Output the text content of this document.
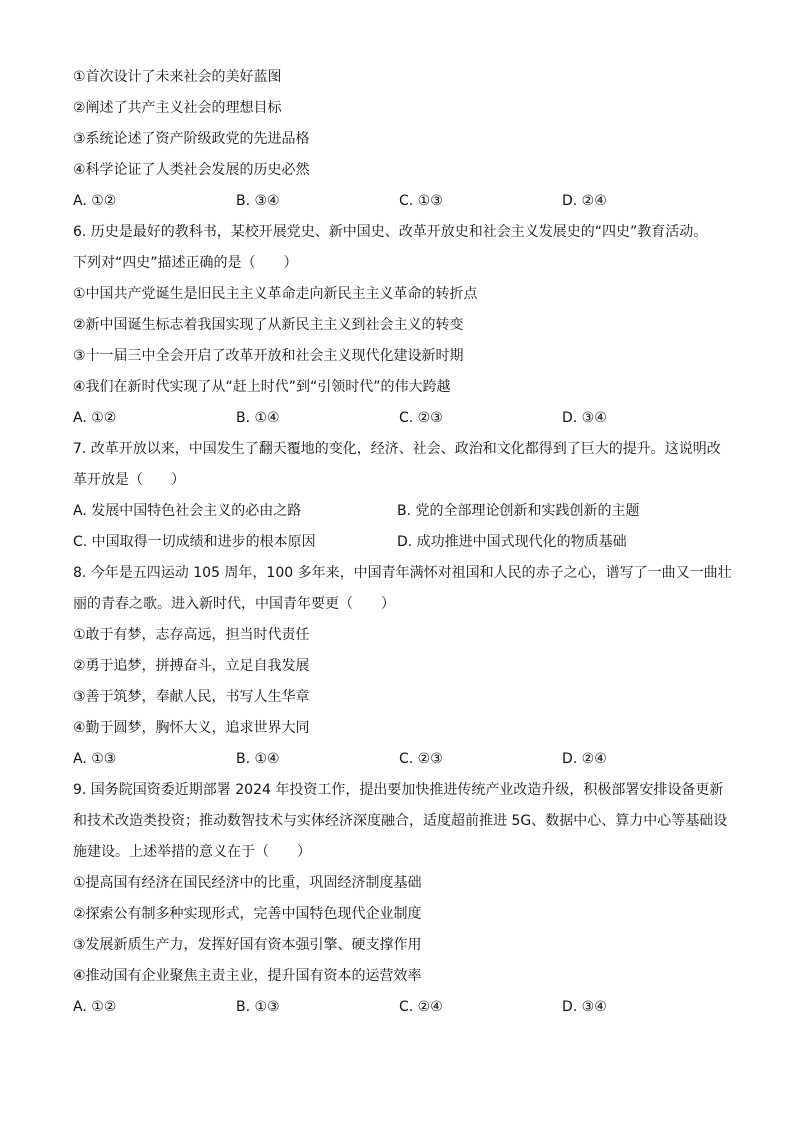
①首次设计了未来社会的美好蓝图
②阐述了共产主义社会的理想目标
③系统论述了资产阶级政党的先进品格
④科学论证了人类社会发展的历史必然
A. ①②	B. ③④	C. ①③	D. ②④
6. 历史是最好的教科书，某校开展党史、新中国史、改革开放史和社会主义发展史的“四史”教育活动。
下列对“四史”描述正确的是（　　）
①中国共产党诞生是旧民主主义革命走向新民主主义革命的转折点
②新中国诞生标志着我国实现了从新民主主义到社会主义的转变
③十一届三中全会开启了改革开放和社会主义现代化建设新时期
④我们在新时代实现了从“赶上时代”到“引领时代”的伟大跨越
A. ①②	B. ①④	C. ②③	D. ③④
7. 改革开放以来，中国发生了翻天覆地的变化，经济、社会、政治和文化都得到了巨大的提升。这说明改
革开放是（　　）
A. 发展中国特色社会主义的必由之路	B. 党的全部理论创新和实践创新的主题
C. 中国取得一切成绩和进步的根本原因	D. 成功推进中国式现代化的物质基础
8. 今年是五四运动 105 周年，100 多年来，中国青年满怀对祖国和人民的赤子之心，谱写了一曲又一曲壮
丽的青春之歌。进入新时代，中国青年要更（　　）
①敢于有梦，志存高远，担当时代责任
②勇于追梦，拼搏奋斗，立足自我发展
③善于筑梦，奉献人民，书写人生华章
④勤于圆梦，胸怀大义，追求世界大同
A. ①③	B. ①④	C. ②③	D. ②④
9. 国务院国资委近期部署 2024 年投资工作，提出要加快推进传统产业改造升级，积极部署安排设备更新
和技术改造类投资；推动数智技术与实体经济深度融合，适度超前推进 5G、数据中心、算力中心等基础设
施建设。上述举措的意义在于（　　）
①提高国有经济在国民经济中的比重，巩固经济制度基础
②探索公有制多种实现形式，完善中国特色现代企业制度
③发展新质生产力，发挥好国有资本强引擎、硬支撑作用
④推动国有企业聚焦主责主业，提升国有资本的运营效率
A. ①②	B. ①③	C. ②④	D. ③④
